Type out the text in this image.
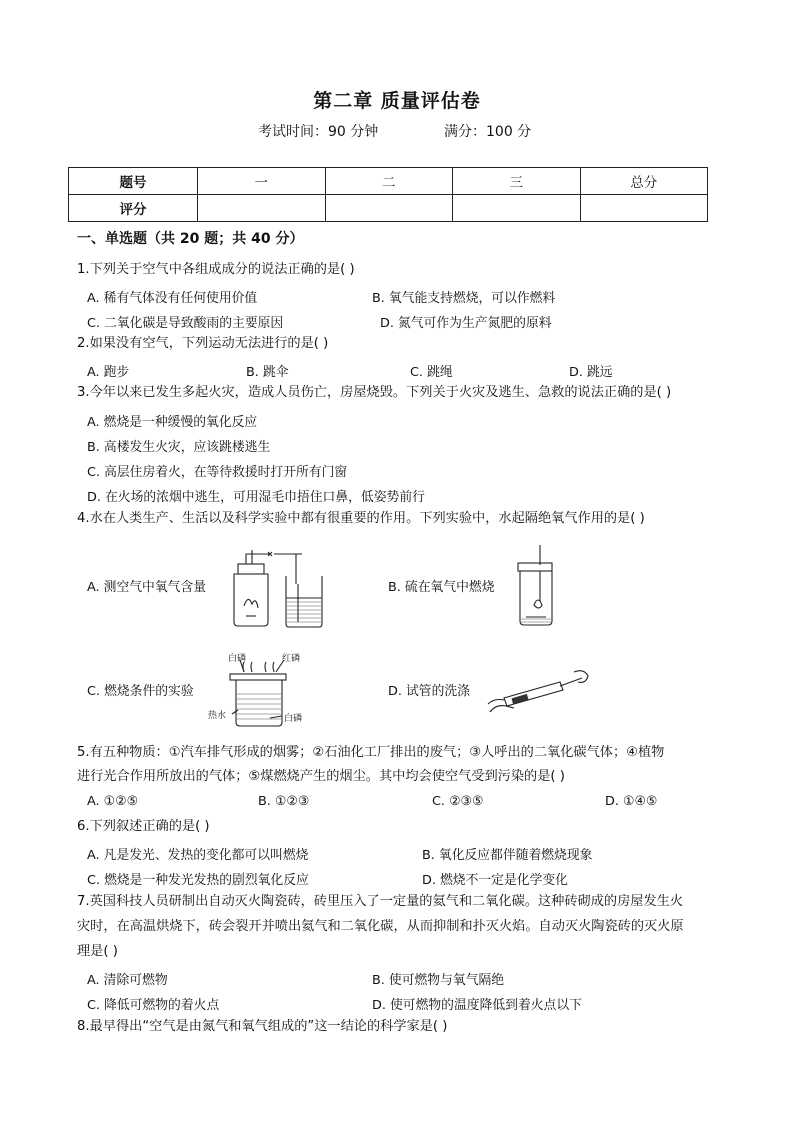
第二章 质量评估卷
考试时间：90 分钟	满分：100 分
题号	一	二	三	总分
评分				
一、单选题（共 20 题；共 40 分）
1.下列关于空气中各组成成分的说法正确的是( )
A. 稀有气体没有任何使用价值	B. 氧气能支持燃烧，可以作燃料
C. 二氧化碳是导致酸雨的主要原因	D. 氮气可作为生产氮肥的原料
2.如果没有空气，下列运动无法进行的是( )
A. 跑步	B. 跳伞	C. 跳绳	D. 跳远
3.今年以来已发生多起火灾，造成人员伤亡，房屋烧毁。下列关于火灾及逃生、急救的说法正确的是( )
A. 燃烧是一种缓慢的氧化反应
B. 高楼发生火灾，应该跳楼逃生
C. 高层住房着火，在等待救援时打开所有门窗
D. 在火场的浓烟中逃生，可用湿毛巾捂住口鼻，低姿势前行
4.水在人类生产、生活以及科学实验中都有很重要的作用。下列实验中，水起隔绝氧气作用的是( )
A. 测空气中氧气含量	B. 硫在氧气中燃烧
C. 燃烧条件的实验	D. 试管的洗涤
白磷	红磷
热水	白磷
5.有五种物质：①汽车排气形成的烟雾；②石油化工厂排出的废气；③人呼出的二氧化碳气体；④植物
进行光合作用所放出的气体；⑤煤燃烧产生的烟尘。其中均会使空气受到污染的是( )
A. ①②⑤	B. ①②③	C. ②③⑤	D. ①④⑤
6.下列叙述正确的是( )
A. 凡是发光、发热的变化都可以叫燃烧	B. 氧化反应都伴随着燃烧现象
C. 燃烧是一种发光发热的剧烈氧化反应	D. 燃烧不一定是化学变化
7.英国科技人员研制出自动灭火陶瓷砖，砖里压入了一定量的氦气和二氧化碳。这种砖砌成的房屋发生火
灾时，在高温烘烧下，砖会裂开并喷出氦气和二氧化碳，从而抑制和扑灭火焰。自动灭火陶瓷砖的灭火原
理是( )
A. 清除可燃物	B. 使可燃物与氧气隔绝
C. 降低可燃物的着火点	D. 使可燃物的温度降低到着火点以下
8.最早得出“空气是由氮气和氧气组成的”这一结论的科学家是( )
